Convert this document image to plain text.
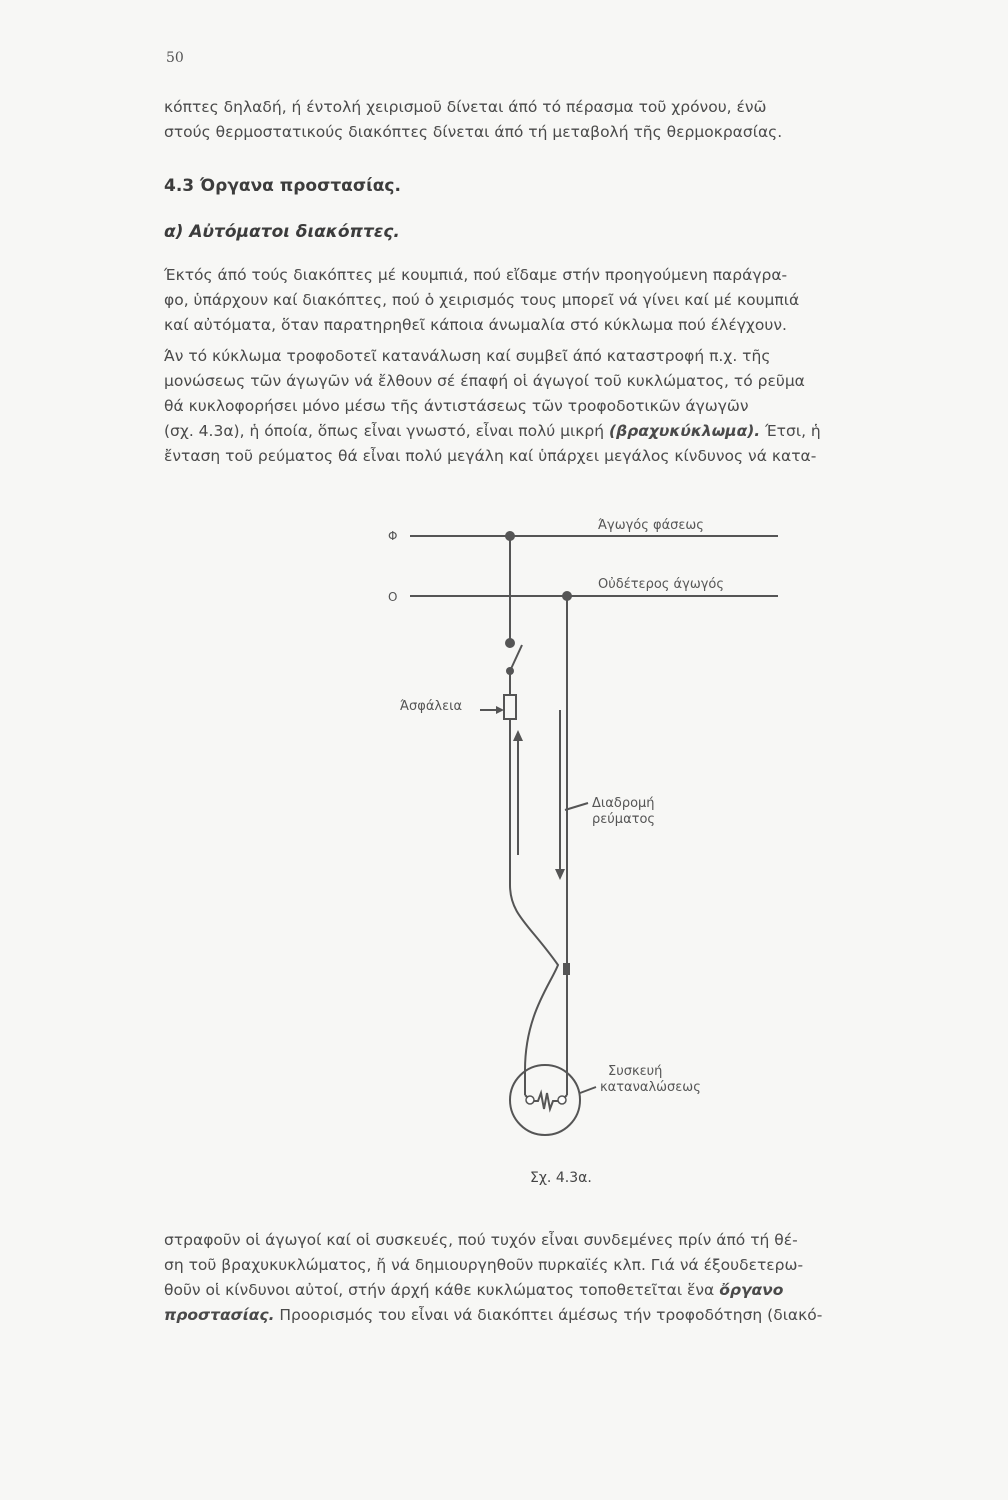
50

κόπτες δηλαδή, ή έντολή χειρισμοῦ δίνεται άπό τό πέρασμα τοῦ χρόνου, ένῶ
στούς θερμοστατικούς διακόπτες δίνεται άπό τή μεταβολή τῆς θερμοκρασίας.

4.3 Όργανα προστασίας.
α) Αὐτόματοι διακόπτες.

Έκτός άπό τούς διακόπτες μέ κουμπιά, πού εἴδαμε στήν προηγούμενη παράγρα-
φο, ὑπάρχουν καί διακόπτες, πού ὁ χειρισμός τους μπορεῖ νά γίνει καί μέ κουμπιά
καί αὐτόματα, ὅταν παρατηρηθεῖ κάποια άνωμαλία στό κύκλωμα πού έλέγχουν.

Άν τό κύκλωμα τροφοδοτεῖ κατανάλωση καί συμβεῖ άπό καταστροφή π.χ. τῆς
μονώσεως τῶν άγωγῶν νά ἔλθουν σέ έπαφή οἱ άγωγοί τοῦ κυκλώματος, τό ρεῦμα
θά κυκλοφορήσει μόνο μέσω τῆς άντιστάσεως τῶν τροφοδοτικῶν άγωγῶν
(σχ. 4.3α), ἡ όποία, ὅπως εἶναι γνωστό, εἶναι πολύ μικρή (βραχυκύκλωμα). Έτσι, ἡ
ἔνταση τοῦ ρεύματος θά εἶναι πολύ μεγάλη καί ὑπάρχει μεγάλος κίνδυνος νά κατα-

Φ
Ο
Άγωγός φάσεως
Οὐδέτερος άγωγός
Άσφάλεια
Διαδρομή
ρεύματος
Συσκευή
καταναλώσεως
Σχ. 4.3α.

στραφοῦν οἱ άγωγοί καί οἱ συσκευές, πού τυχόν εἶναι συνδεμένες πρίν άπό τή θέ-
ση τοῦ βραχυκυκλώματος, ἤ νά δημιουργηθοῦν πυρκαϊές κλπ. Γιά νά έξουδετερω-
θοῦν οἱ κίνδυνοι αὐτοί, στήν άρχή κάθε κυκλώματος τοποθετεῖται ἕνα ὄργανο
προστασίας. Προορισμός του εἶναι νά διακόπτει άμέσως τήν τροφοδότηση (διακό-
